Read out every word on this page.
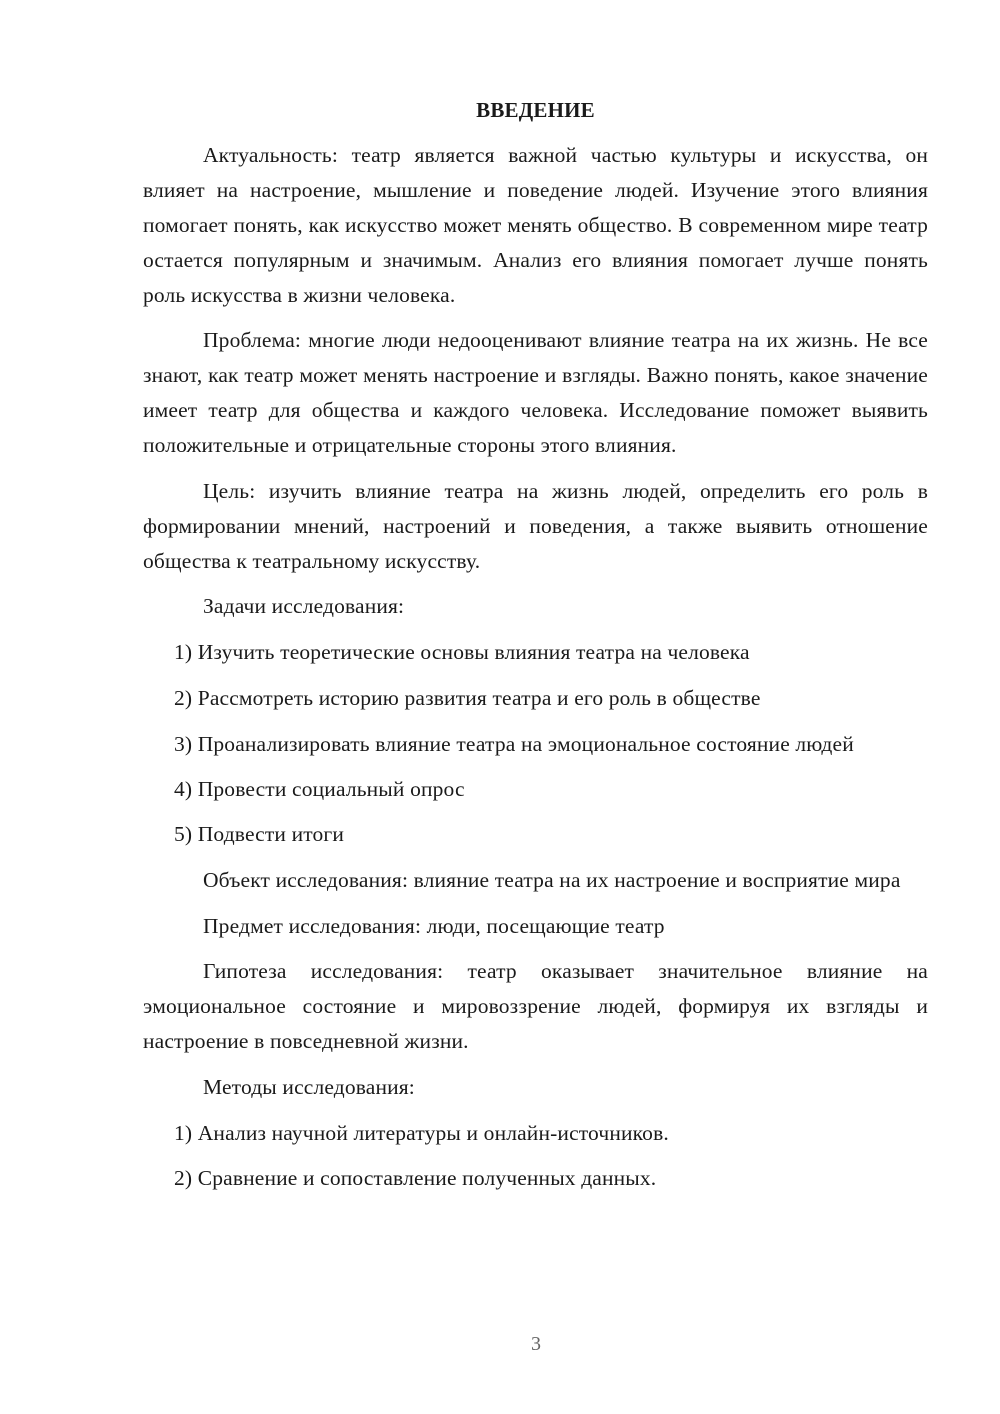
ВВЕДЕНИЕ

Актуальность: театр является важной частью культуры и искусства, он влияет на настроение, мышление и поведение людей. Изучение этого влияния помогает понять, как искусство может менять общество. В современном мире театр остается популярным и значимым. Анализ его влияния помогает лучше понять роль искусства в жизни человека.

Проблема: многие люди недооценивают влияние театра на их жизнь. Не все знают, как театр может менять настроение и взгляды. Важно понять, какое значение имеет театр для общества и каждого человека. Исследование поможет выявить положительные и отрицательные стороны этого влияния.

Цель: изучить влияние театра на жизнь людей, определить его роль в формировании мнений, настроений и поведения, а также выявить отношение общества к театральному искусству.

Задачи исследования:

1) Изучить теоретические основы влияния театра на человека

2) Рассмотреть историю развития театра и его роль в обществе

3) Проанализировать влияние театра на эмоциональное состояние людей

4) Провести социальный опрос

5) Подвести итоги

Объект исследования: влияние театра на их настроение и восприятие мира

Предмет исследования: люди, посещающие театр

Гипотеза исследования: театр оказывает значительное влияние на эмоциональное состояние и мировоззрение людей, формируя их взгляды и настроение в повседневной жизни.

Методы исследования:

1) Анализ научной литературы и онлайн-источников.

2) Сравнение и сопоставление полученных данных.

3
